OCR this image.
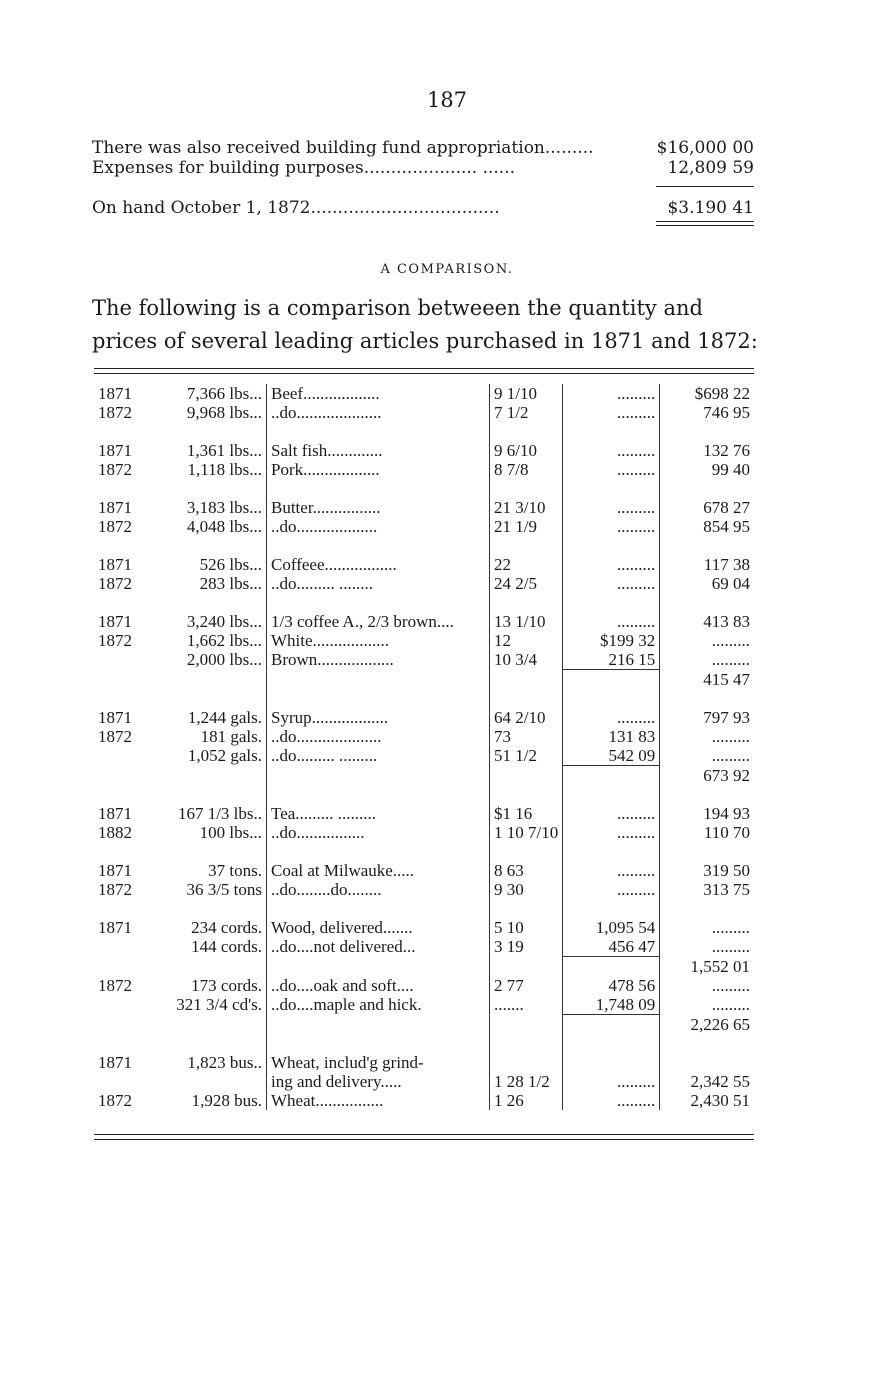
187
There was also received building fund appropriation.........	$16,000 00
Expenses for building purposes..................... ......	12,809 59
On hand October 1, 1872...................................	$3.190 41
A COMPARISON.
The following is a comparison betweeen the quantity and
prices of several leading articles purchased in 1871 and 1872:
1871	7,366 lbs...	Beef..................	9 1/10	.........	$698 22
1872	9,968 lbs...	..do....................	7 1/2	.........	746 95

1871	1,361 lbs...	Salt fish.............	9 6/10	.........	132 76
1872	1,118 lbs...	Pork..................	8 7/8	.........	99 40

1871	3,183 lbs...	Butter................	21 3/10	.........	678 27
1872	4,048 lbs...	..do...................	21 1/9	.........	854 95

1871	526 lbs...	Coffeee.................	22	.........	117 38
1872	283 lbs...	..do......... ........	24 2/5	.........	69 04

1871	3,240 lbs...	1/3 coffee A., 2/3 brown....	13 1/10	.........	413 83
1872	1,662 lbs...	White..................	12	$199 32	.........
	2,000 lbs...	Brown..................	10 3/4	216 15	.........
					415 47

1871	1,244 gals.	Syrup..................	64 2/10	.........	797 93
1872	181 gals.	..do....................	73	131 83	.........
	1,052 gals.	..do......... .........	51 1/2	542 09	.........
					673 92

1871	167 1/3 lbs..	Tea......... .........	$1 16	.........	194 93
1882	100 lbs...	..do................	1 10 7/10	.........	110 70

1871	37 tons.	Coal at Milwauke.....	8 63	.........	319 50
1872	36 3/5 tons	..do........do........	9 30	.........	313 75

1871	234 cords.	Wood, delivered.......	5 10	1,095 54	.........
	144 cords.	..do....not delivered...	3 19	456 47	.........
					1,552 01
1872	173 cords.	..do....oak and soft....	2 77	478 56	.........
	321 3/4 cd's.	..do....maple and hick.	.......	1,748 09	.........
					2,226 65

1871	1,823 bus..	Wheat, includ'g grind-			
		ing and delivery.....	1 28 1/2	.........	2,342 55
1872	1,928 bus.	Wheat................	1 26	.........	2,430 51
